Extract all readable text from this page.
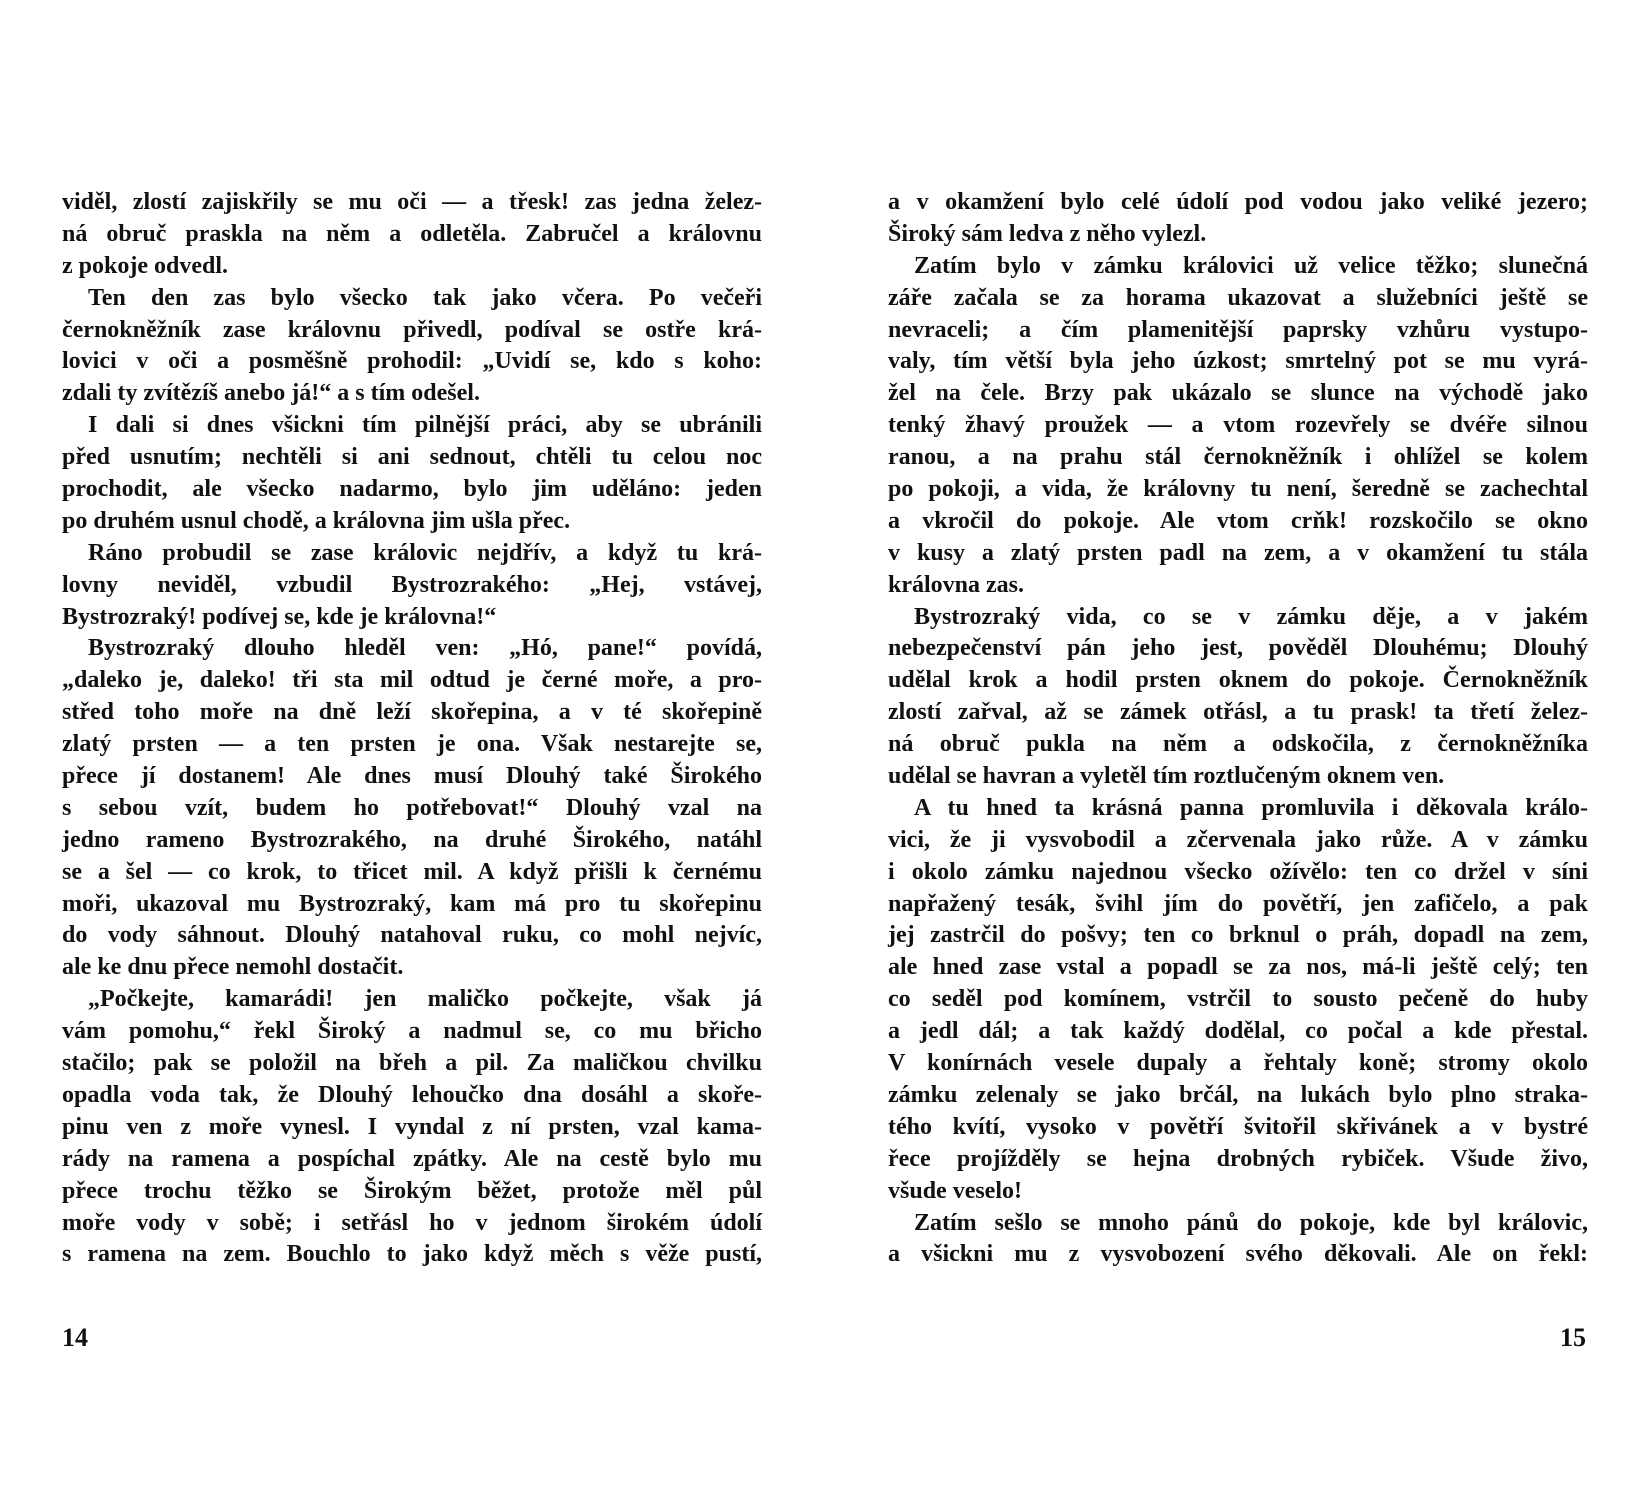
viděl, zlostí zajiskřily se mu oči — a třesk! zas jedna želez-
ná obruč praskla na něm a odletěla. Zabručel a královnu
z pokoje odvedl.
Ten den zas bylo všecko tak jako včera. Po večeři
černokněžník zase královnu přivedl, podíval se ostře krá-
lovici v oči a posměšně prohodil: „Uvidí se, kdo s koho:
zdali ty zvítězíš anebo já!“ a s tím odešel.
I dali si dnes všickni tím pilnější práci, aby se ubránili
před usnutím; nechtěli si ani sednout, chtěli tu celou noc
prochodit, ale všecko nadarmo, bylo jim uděláno: jeden
po druhém usnul chodě, a královna jim ušla přec.
Ráno probudil se zase královic nejdřív, a když tu krá-
lovny neviděl, vzbudil Bystrozrakého: „Hej, vstávej,
Bystrozraký! podívej se, kde je královna!“
Bystrozraký dlouho hleděl ven: „Hó, pane!“ povídá,
„daleko je, daleko! tři sta mil odtud je černé moře, a pro-
střed toho moře na dně leží skořepina, a v té skořepině
zlatý prsten — a ten prsten je ona. Však nestarejte se,
přece jí dostanem! Ale dnes musí Dlouhý také Širokého
s sebou vzít, budem ho potřebovat!“ Dlouhý vzal na
jedno rameno Bystrozrakého, na druhé Širokého, natáhl
se a šel — co krok, to třicet mil. A když přišli k černému
moři, ukazoval mu Bystrozraký, kam má pro tu skořepinu
do vody sáhnout. Dlouhý natahoval ruku, co mohl nejvíc,
ale ke dnu přece nemohl dostačit.
„Počkejte, kamarádi! jen maličko počkejte, však já
vám pomohu,“ řekl Široký a nadmul se, co mu břicho
stačilo; pak se položil na břeh a pil. Za maličkou chvilku
opadla voda tak, že Dlouhý lehoučko dna dosáhl a skoře-
pinu ven z moře vynesl. I vyndal z ní prsten, vzal kama-
rády na ramena a pospíchal zpátky. Ale na cestě bylo mu
přece trochu těžko se Širokým běžet, protože měl půl
moře vody v sobě; i setřásl ho v jednom širokém údolí
s ramena na zem. Bouchlo to jako když měch s věže pustí,
14
a v okamžení bylo celé údolí pod vodou jako veliké jezero;
Široký sám ledva z něho vylezl.
Zatím bylo v zámku královici už velice těžko; slunečná
záře začala se za horama ukazovat a služebníci ještě se
nevraceli; a čím plamenitější paprsky vzhůru vystupo-
valy, tím větší byla jeho úzkost; smrtelný pot se mu vyrá-
žel na čele. Brzy pak ukázalo se slunce na východě jako
tenký žhavý proužek — a vtom rozevřely se dvéře silnou
ranou, a na prahu stál černokněžník i ohlížel se kolem
po pokoji, a vida, že královny tu není, šeredně se zachechtal
a vkročil do pokoje. Ale vtom crňk! rozskočilo se okno
v kusy a zlatý prsten padl na zem, a v okamžení tu stála
královna zas.
Bystrozraký vida, co se v zámku děje, a v jakém
nebezpečenství pán jeho jest, pověděl Dlouhému; Dlouhý
udělal krok a hodil prsten oknem do pokoje. Černokněžník
zlostí zařval, až se zámek otřásl, a tu prask! ta třetí želez-
ná obruč pukla na něm a odskočila, z černokněžníka
udělal se havran a vyletěl tím roztlučeným oknem ven.
A tu hned ta krásná panna promluvila i děkovala králo-
vici, že ji vysvobodil a zčervenala jako růže. A v zámku
i okolo zámku najednou všecko ožívělo: ten co držel v síni
napřažený tesák, švihl jím do povětří, jen zafičelo, a pak
jej zastrčil do pošvy; ten co brknul o práh, dopadl na zem,
ale hned zase vstal a popadl se za nos, má-li ještě celý; ten
co seděl pod komínem, vstrčil to sousto pečeně do huby
a jedl dál; a tak každý dodělal, co počal a kde přestal.
V konírnách vesele dupaly a řehtaly koně; stromy okolo
zámku zelenaly se jako brčál, na lukách bylo plno straka-
tého kvítí, vysoko v povětří švitořil skřivánek a v bystré
řece projížděly se hejna drobných rybiček. Všude živo,
všude veselo!
Zatím sešlo se mnoho pánů do pokoje, kde byl královic,
a všickni mu z vysvobození svého děkovali. Ale on řekl:
15
